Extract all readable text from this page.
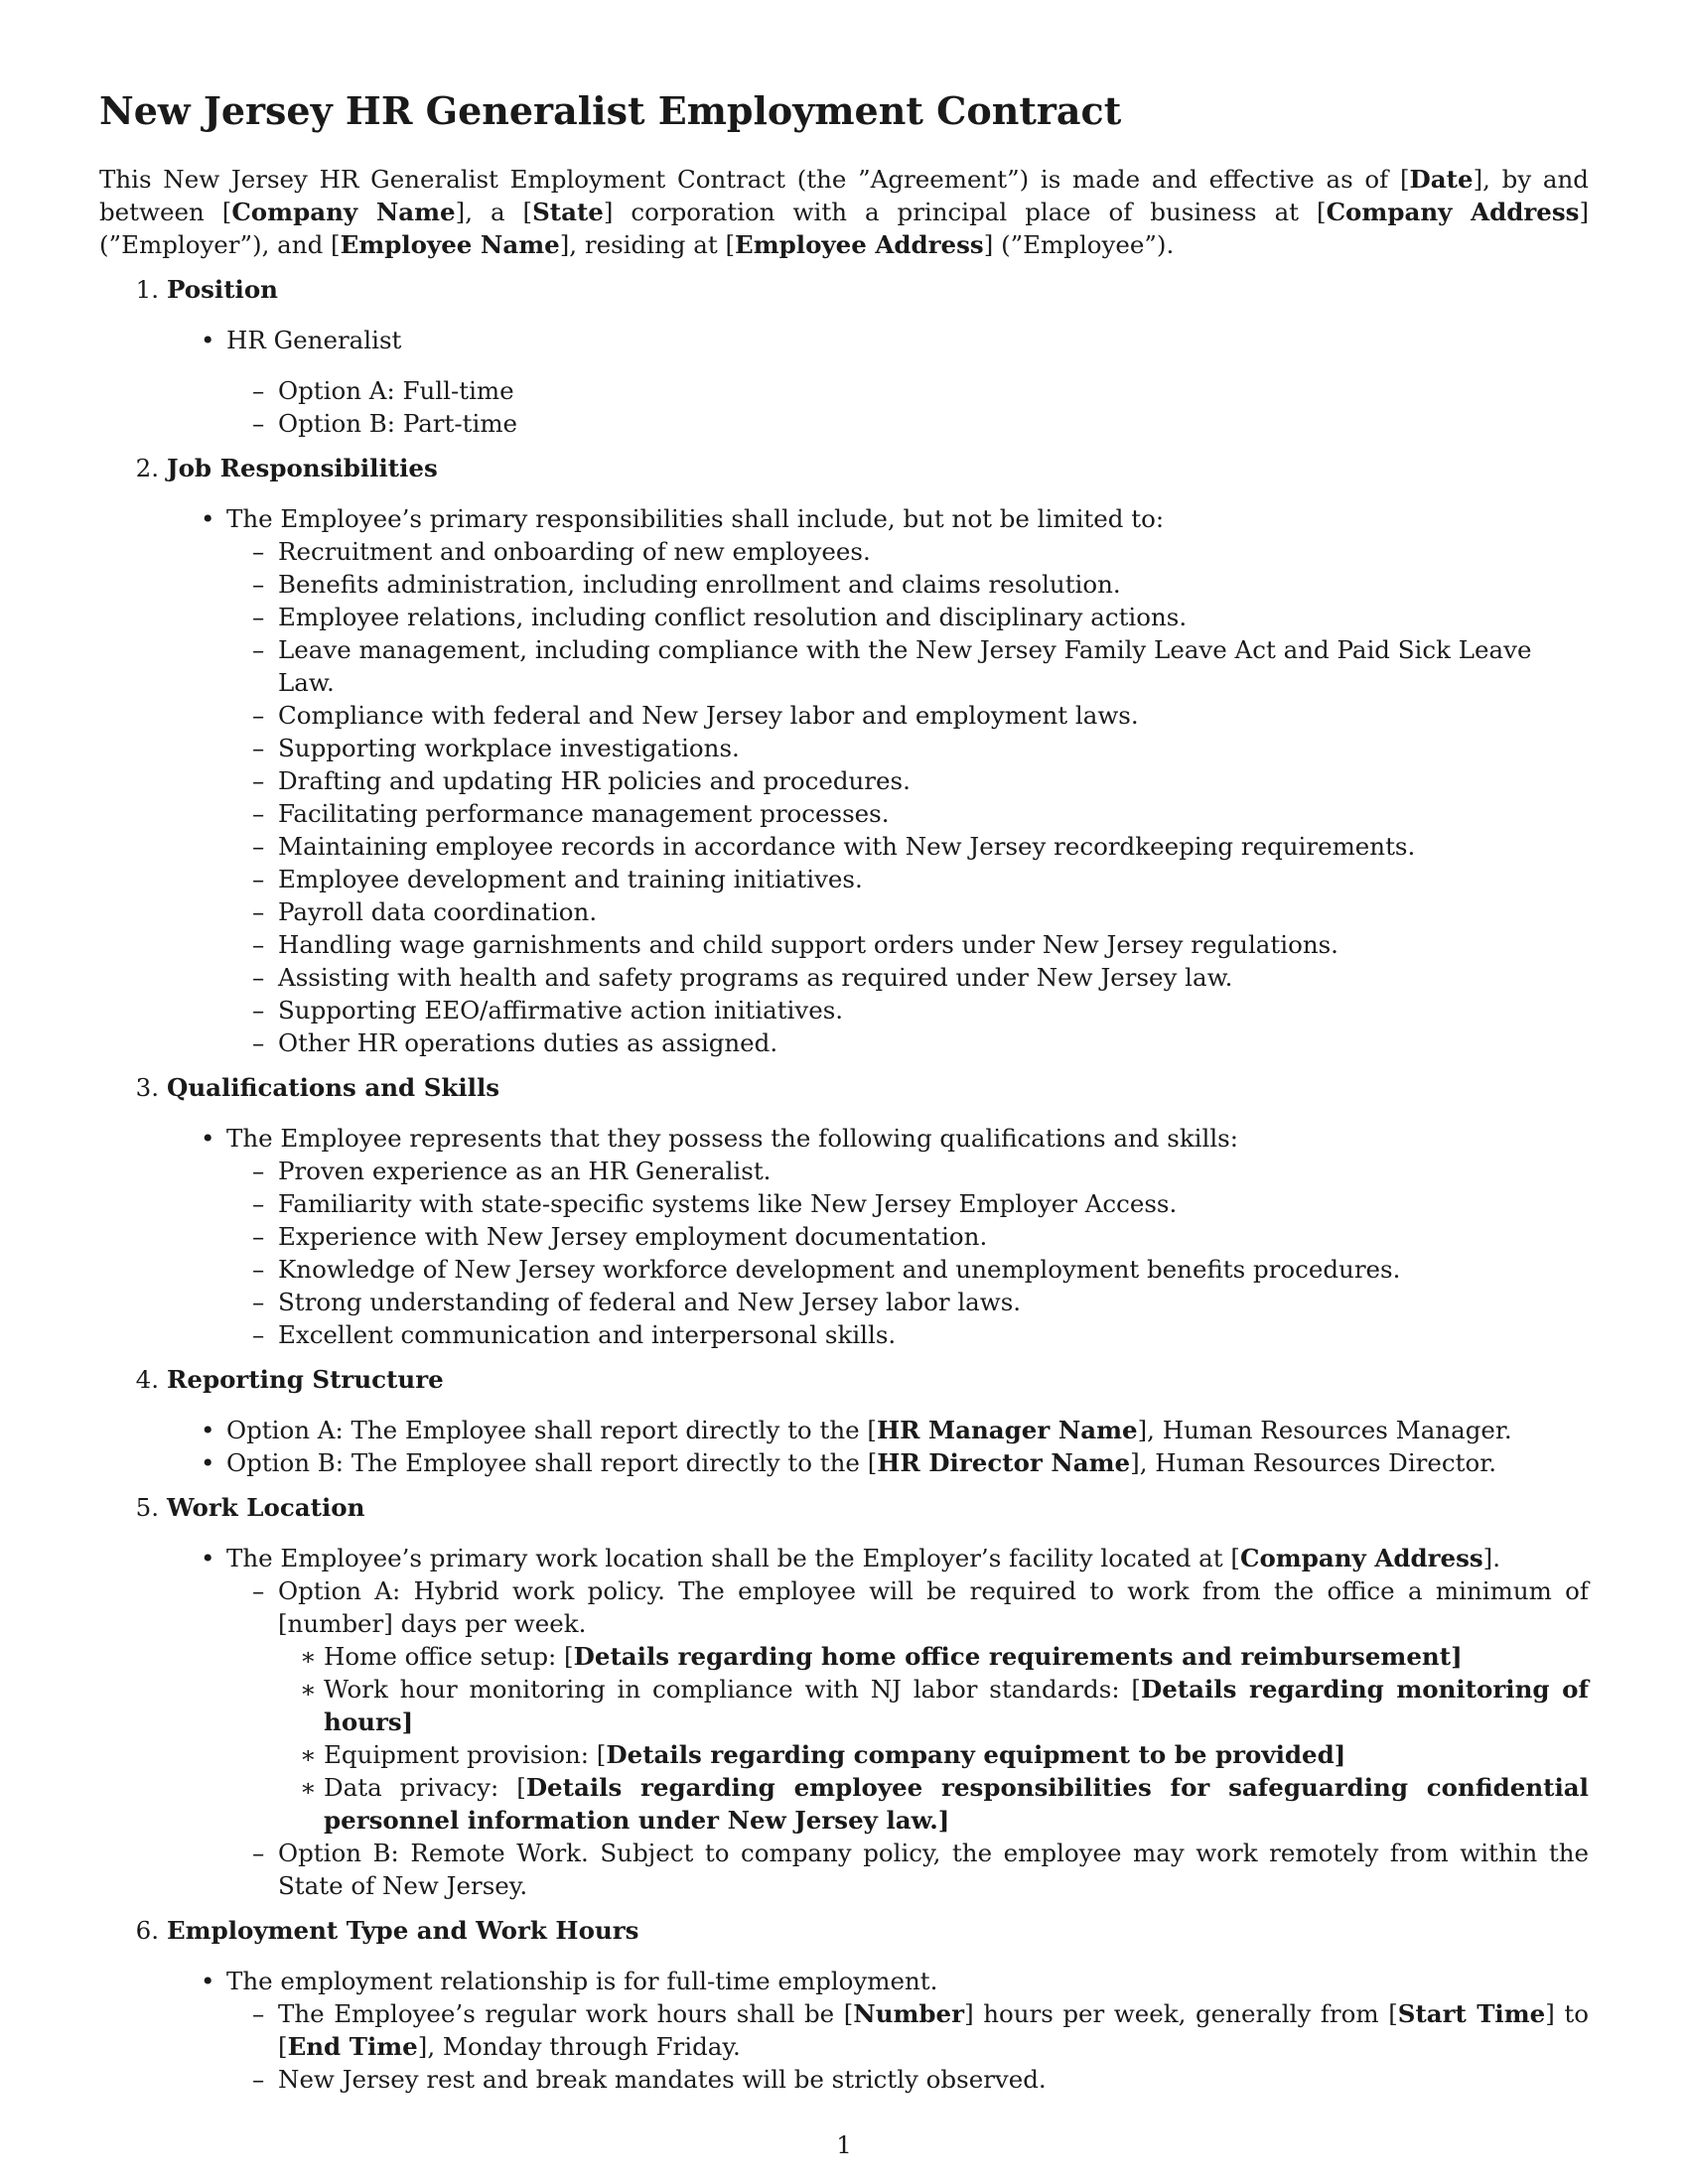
New Jersey HR Generalist Employment Contract

This New Jersey HR Generalist Employment Contract (the ”Agreement”) is made and effective as of [Date], by and between [Company Name], a [State] corporation with a principal place of business at [Company Address] (”Employer”), and [Employee Name], residing at [Employee Address] (”Employee”).

1. Position
• HR Generalist
– Option A: Full-time
– Option B: Part-time
2. Job Responsibilities
• The Employee’s primary responsibilities shall include, but not be limited to:
– Recruitment and onboarding of new employees.
– Benefits administration, including enrollment and claims resolution.
– Employee relations, including conflict resolution and disciplinary actions.
– Leave management, including compliance with the New Jersey Family Leave Act and Paid Sick Leave Law.
– Compliance with federal and New Jersey labor and employment laws.
– Supporting workplace investigations.
– Drafting and updating HR policies and procedures.
– Facilitating performance management processes.
– Maintaining employee records in accordance with New Jersey recordkeeping requirements.
– Employee development and training initiatives.
– Payroll data coordination.
– Handling wage garnishments and child support orders under New Jersey regulations.
– Assisting with health and safety programs as required under New Jersey law.
– Supporting EEO/affirmative action initiatives.
– Other HR operations duties as assigned.
3. Qualifications and Skills
• The Employee represents that they possess the following qualifications and skills:
– Proven experience as an HR Generalist.
– Familiarity with state-specific systems like New Jersey Employer Access.
– Experience with New Jersey employment documentation.
– Knowledge of New Jersey workforce development and unemployment benefits procedures.
– Strong understanding of federal and New Jersey labor laws.
– Excellent communication and interpersonal skills.
4. Reporting Structure
• Option A: The Employee shall report directly to the [HR Manager Name], Human Resources Manager.
• Option B: The Employee shall report directly to the [HR Director Name], Human Resources Director.
5. Work Location
• The Employee’s primary work location shall be the Employer’s facility located at [Company Address].
– Option A: Hybrid work policy. The employee will be required to work from the office a minimum of [number] days per week.
∗ Home office setup: [Details regarding home office requirements and reimbursement]
∗ Work hour monitoring in compliance with NJ labor standards: [Details regarding monitoring of hours]
∗ Equipment provision: [Details regarding company equipment to be provided]
∗ Data privacy: [Details regarding employee responsibilities for safeguarding confidential personnel information under New Jersey law.]
– Option B: Remote Work. Subject to company policy, the employee may work remotely from within the State of New Jersey.
6. Employment Type and Work Hours
• The employment relationship is for full-time employment.
– The Employee’s regular work hours shall be [Number] hours per week, generally from [Start Time] to [End Time], Monday through Friday.
– New Jersey rest and break mandates will be strictly observed.
1
